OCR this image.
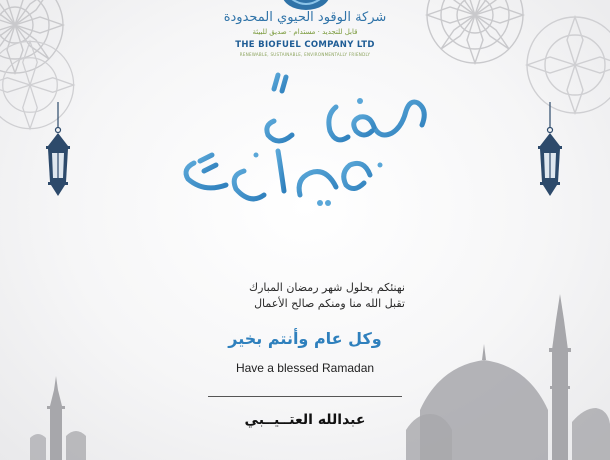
شركة الوقود الحيوي المحدودة
قابل للتجديد · مستدام · صديق للبيئة
THE BIOFUEL COMPANY LTD
RENEWABLE, SUSTAINABLE, ENVIRONMENTALLY FRIENDLY
نهنئكم بحلول شهر رمضان المبارك
تقبل الله منا ومنكم صالح الأعمال
وكل عام وأنتم بخير
Have a blessed Ramadan
عبدالله العتــيــبي
